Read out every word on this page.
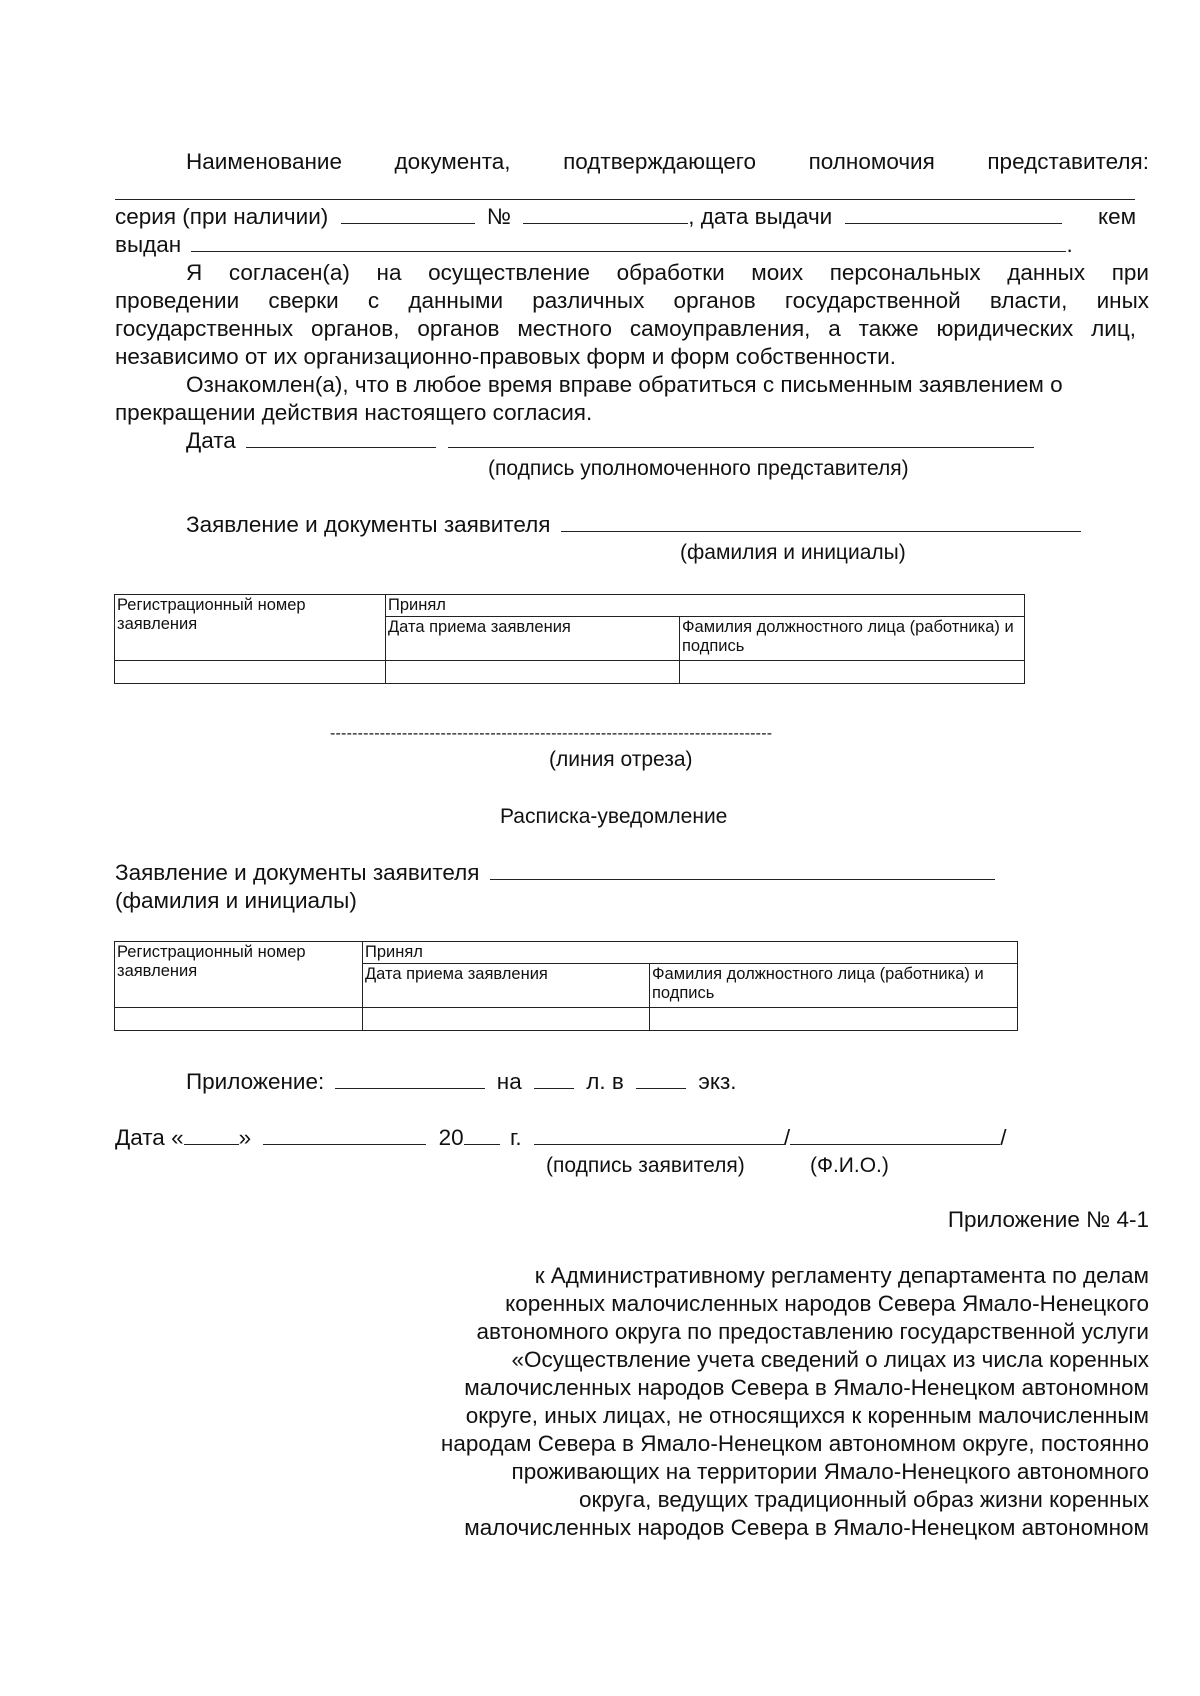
Наименование документа, подтверждающего полномочия представителя:
серия (при наличии)	№	, дата выдачи	кем
выдан	.
Я согласен(а) на осуществление обработки моих персональных данных при
проведении сверки с данными различных органов государственной власти, иных
государственных органов, органов местного самоуправления, а также юридических лиц,
независимо от их организационно-правовых форм и форм собственности.
Ознакомлен(а), что в любое время вправе обратиться с письменным заявлением о
прекращении действия настоящего согласия.
Дата
(подпись уполномоченного представителя)
Заявление и документы заявителя
(фамилия и инициалы)
Регистрационный номер заявления	Принял	
	Дата приема заявления	Фамилия должностного лица (работника) и подпись

--------------------------------------------------------------------------------
(линия отреза)
Расписка-уведомление
Заявление и документы заявителя
(фамилия и инициалы)
Регистрационный номер заявления	Принял	
	Дата приема заявления	Фамилия должностного лица (работника) и подпись

Приложение:	на	л. в	экз.
Дата « »	20 г.	/	/
(подпись заявителя)	(Ф.И.О.)
Приложение № 4-1

к Административному регламенту департамента по делам

коренных малочисленных народов Севера Ямало-Ненецкого

автономного округа по предоставлению государственной услуги

«Осуществление учета сведений о лицах из числа коренных

малочисленных народов Севера в Ямало-Ненецком автономном

округе, иных лицах, не относящихся к коренным малочисленным

народам Севера в Ямало-Ненецком автономном округе, постоянно

проживающих на территории Ямало-Ненецкого автономного

округа, ведущих традиционный образ жизни коренных

малочисленных народов Севера в Ямало-Ненецком автономном
